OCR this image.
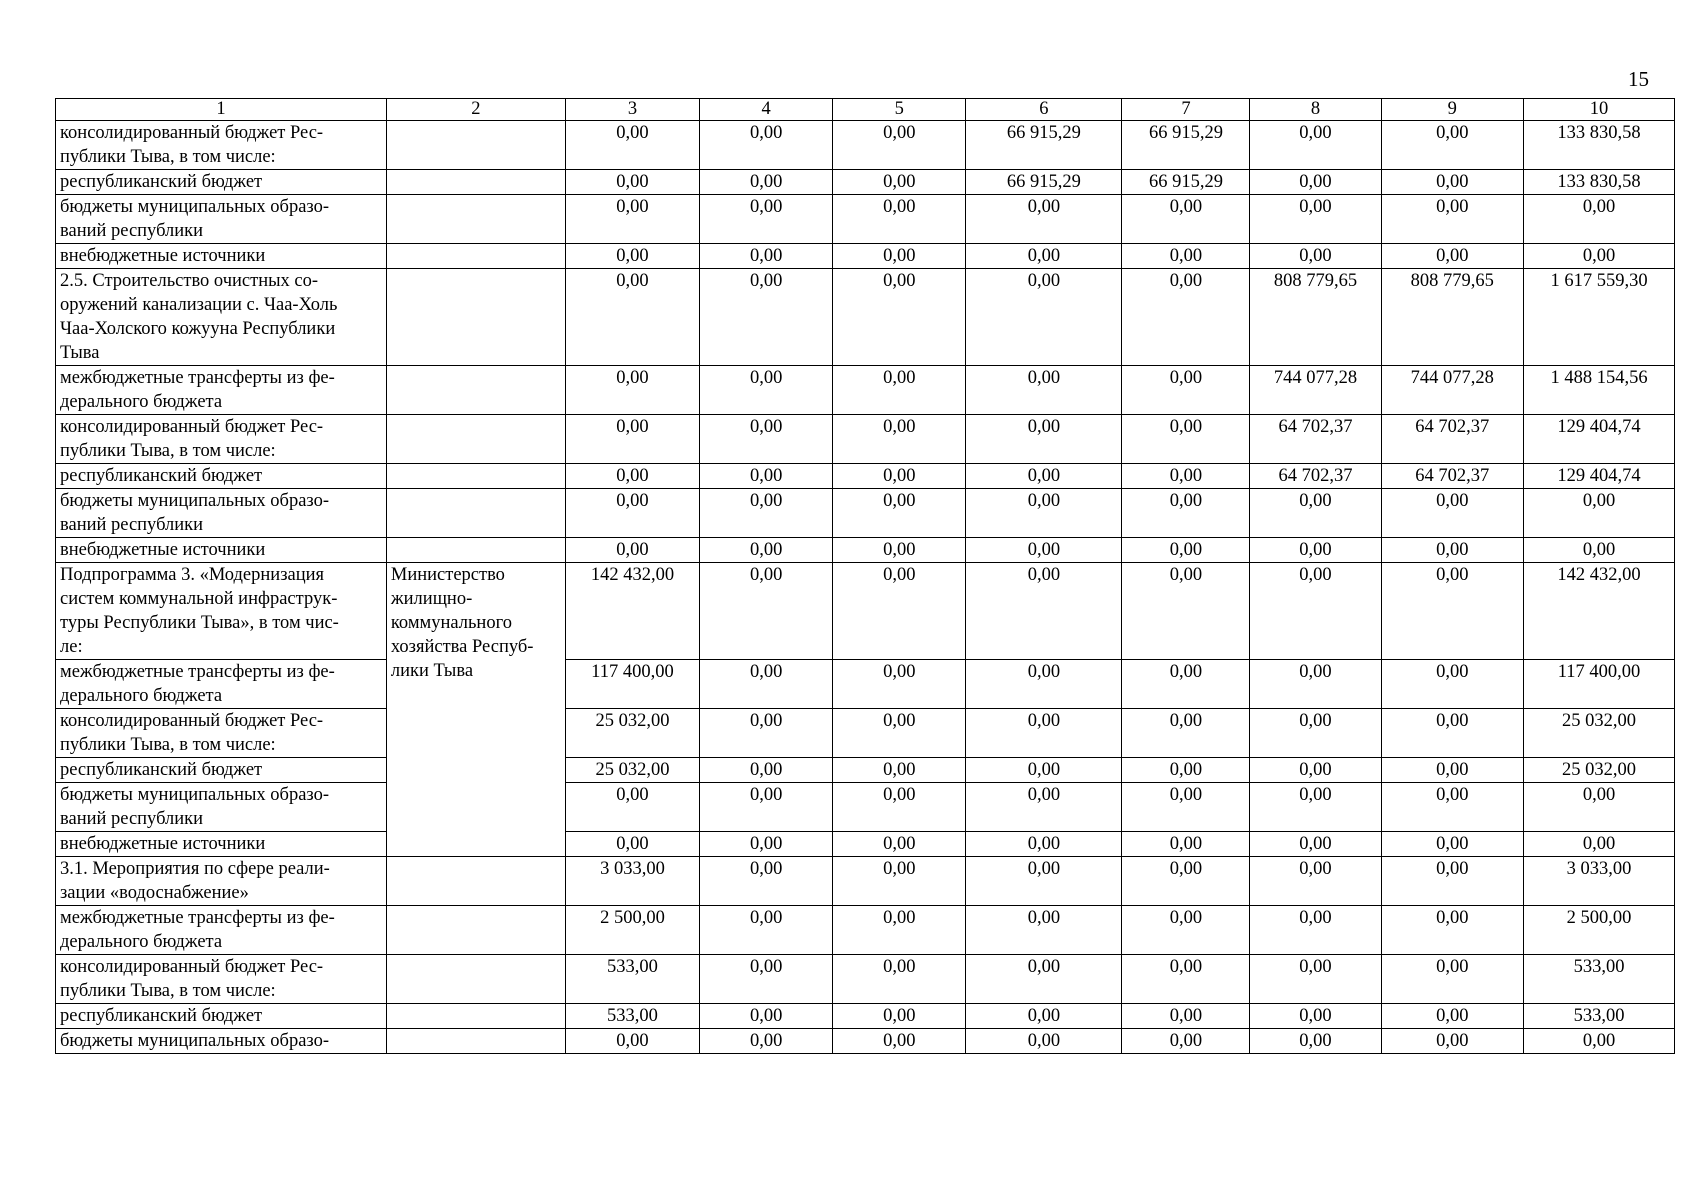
15
1	2	3	4	5	6	7	8	9	10
консолидированный бюджет Рес-
публики Тыва, в том числе:		0,00	0,00	0,00	66 915,29	66 915,29	0,00	0,00	133 830,58
республиканский бюджет		0,00	0,00	0,00	66 915,29	66 915,29	0,00	0,00	133 830,58
бюджеты муниципальных образо-
ваний республики		0,00	0,00	0,00	0,00	0,00	0,00	0,00	0,00
внебюджетные источники		0,00	0,00	0,00	0,00	0,00	0,00	0,00	0,00
2.5. Строительство очистных со-
оружений канализации с. Чаа-Холь
Чаа-Холского кожууна Республики
Тыва		0,00	0,00	0,00	0,00	0,00	808 779,65	808 779,65	1 617 559,30
межбюджетные трансферты из фе-
дерального бюджета		0,00	0,00	0,00	0,00	0,00	744 077,28	744 077,28	1 488 154,56
консолидированный бюджет Рес-
публики Тыва, в том числе:		0,00	0,00	0,00	0,00	0,00	64 702,37	64 702,37	129 404,74
республиканский бюджет		0,00	0,00	0,00	0,00	0,00	64 702,37	64 702,37	129 404,74
бюджеты муниципальных образо-
ваний республики		0,00	0,00	0,00	0,00	0,00	0,00	0,00	0,00
внебюджетные источники		0,00	0,00	0,00	0,00	0,00	0,00	0,00	0,00
Подпрограмма 3. «Модернизация
систем коммунальной инфраструк-
туры Республики Тыва», в том чис-
ле:	Министерство
жилищно-
коммунального
хозяйства Респуб-
лики Тыва	142 432,00	0,00	0,00	0,00	0,00	0,00	0,00	142 432,00
межбюджетные трансферты из фе-
дерального бюджета		117 400,00	0,00	0,00	0,00	0,00	0,00	0,00	117 400,00
консолидированный бюджет Рес-
публики Тыва, в том числе:		25 032,00	0,00	0,00	0,00	0,00	0,00	0,00	25 032,00
республиканский бюджет		25 032,00	0,00	0,00	0,00	0,00	0,00	0,00	25 032,00
бюджеты муниципальных образо-
ваний республики		0,00	0,00	0,00	0,00	0,00	0,00	0,00	0,00
внебюджетные источники		0,00	0,00	0,00	0,00	0,00	0,00	0,00	0,00
3.1. Мероприятия по сфере реали-
зации «водоснабжение»		3 033,00	0,00	0,00	0,00	0,00	0,00	0,00	3 033,00
межбюджетные трансферты из фе-
дерального бюджета		2 500,00	0,00	0,00	0,00	0,00	0,00	0,00	2 500,00
консолидированный бюджет Рес-
публики Тыва, в том числе:		533,00	0,00	0,00	0,00	0,00	0,00	0,00	533,00
республиканский бюджет		533,00	0,00	0,00	0,00	0,00	0,00	0,00	533,00
бюджеты муниципальных образо-		0,00	0,00	0,00	0,00	0,00	0,00	0,00	0,00
